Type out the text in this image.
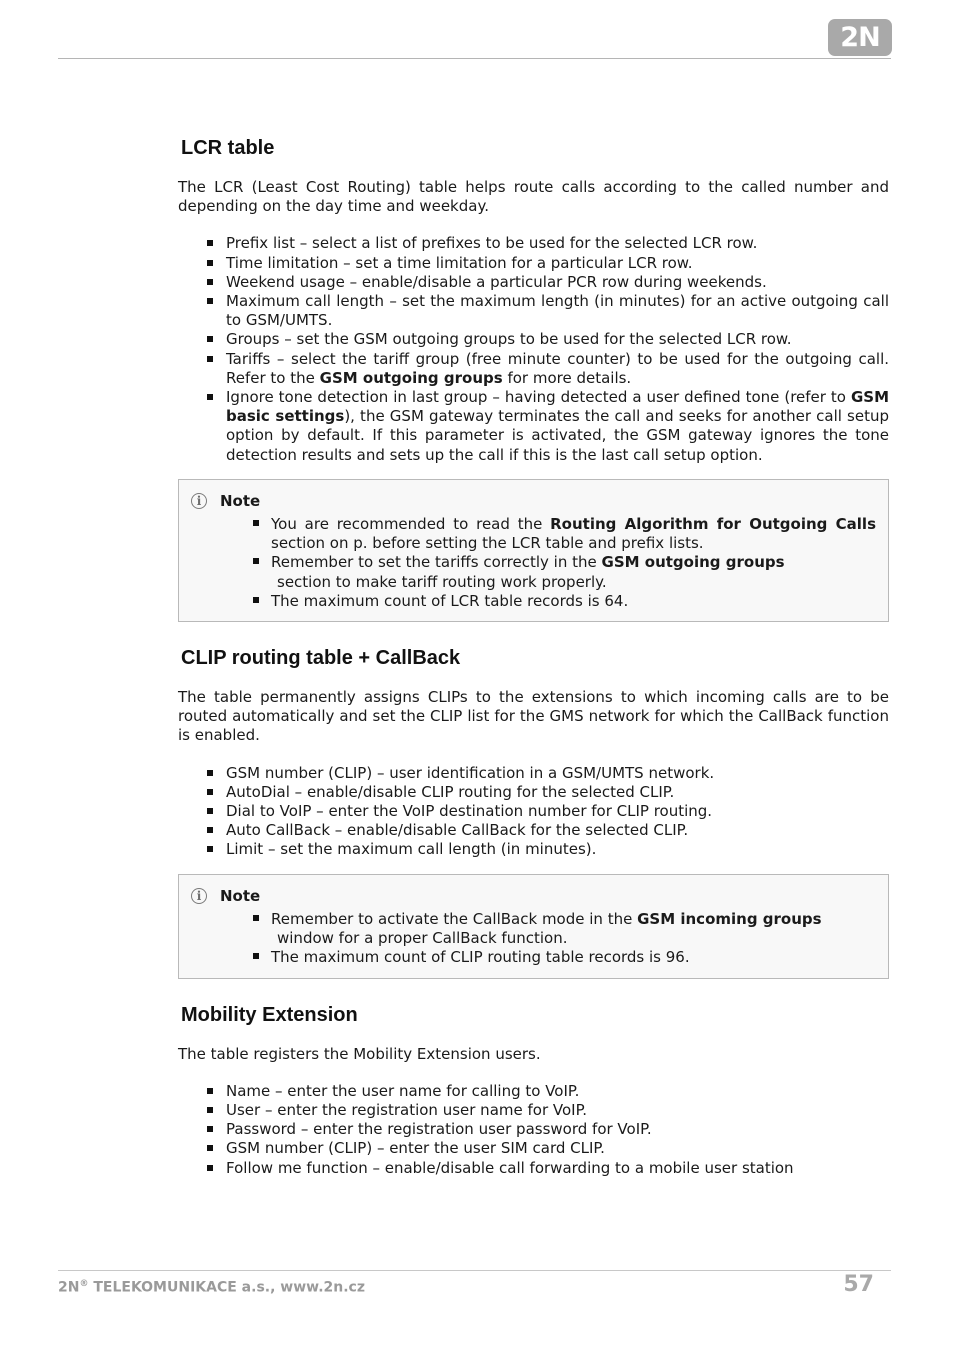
2N
LCR table

The LCR (Least Cost Routing) table helps route calls according to the called number and depending on the day time and weekday.

Prefix list – select a list of prefixes to be used for the selected LCR row.
Time limitation – set a time limitation for a particular LCR row.
Weekend usage – enable/disable a particular PCR row during weekends.
Maximum call length – set the maximum length (in minutes) for an active outgoing call to GSM/UMTS.
Groups – set the GSM outgoing groups to be used for the selected LCR row.
Tariffs – select the tariff group (free minute counter) to be used for the outgoing call. Refer to the GSM outgoing groups for more details.
Ignore tone detection in last group – having detected a user defined tone (refer to GSM basic settings), the GSM gateway terminates the call and seeks for another call setup option by default. If this parameter is activated, the GSM gateway ignores the tone detection results and sets up the call if this is the last call setup option.
i	Note
You are recommended to read the Routing Algorithm for Outgoing Calls section on p. before setting the LCR table and prefix lists.
Remember to set the tariffs correctly in the GSM outgoing groups
section to make tariff routing work properly.
The maximum count of LCR table records is 64.
CLIP routing table + CallBack

The table permanently assigns CLIPs to the extensions to which incoming calls are to be routed automatically and set the CLIP list for the GMS network for which the CallBack function is enabled.

GSM number (CLIP) – user identification in a GSM/UMTS network.
AutoDial – enable/disable CLIP routing for the selected CLIP.
Dial to VoIP – enter the VoIP destination number for CLIP routing.
Auto CallBack – enable/disable CallBack for the selected CLIP.
Limit – set the maximum call length (in minutes).
i	Note
Remember to activate the CallBack mode in the GSM incoming groups
window for a proper CallBack function.
The maximum count of CLIP routing table records is 96.
Mobility Extension

The table registers the Mobility Extension users.

Name – enter the user name for calling to VoIP.
User – enter the registration user name for VoIP.
Password – enter the registration user password for VoIP.
GSM number (CLIP) – enter the user SIM card CLIP.
Follow me function – enable/disable call forwarding to a mobile user station
2N® TELEKOMUNIKACE a.s., www.2n.cz	57
